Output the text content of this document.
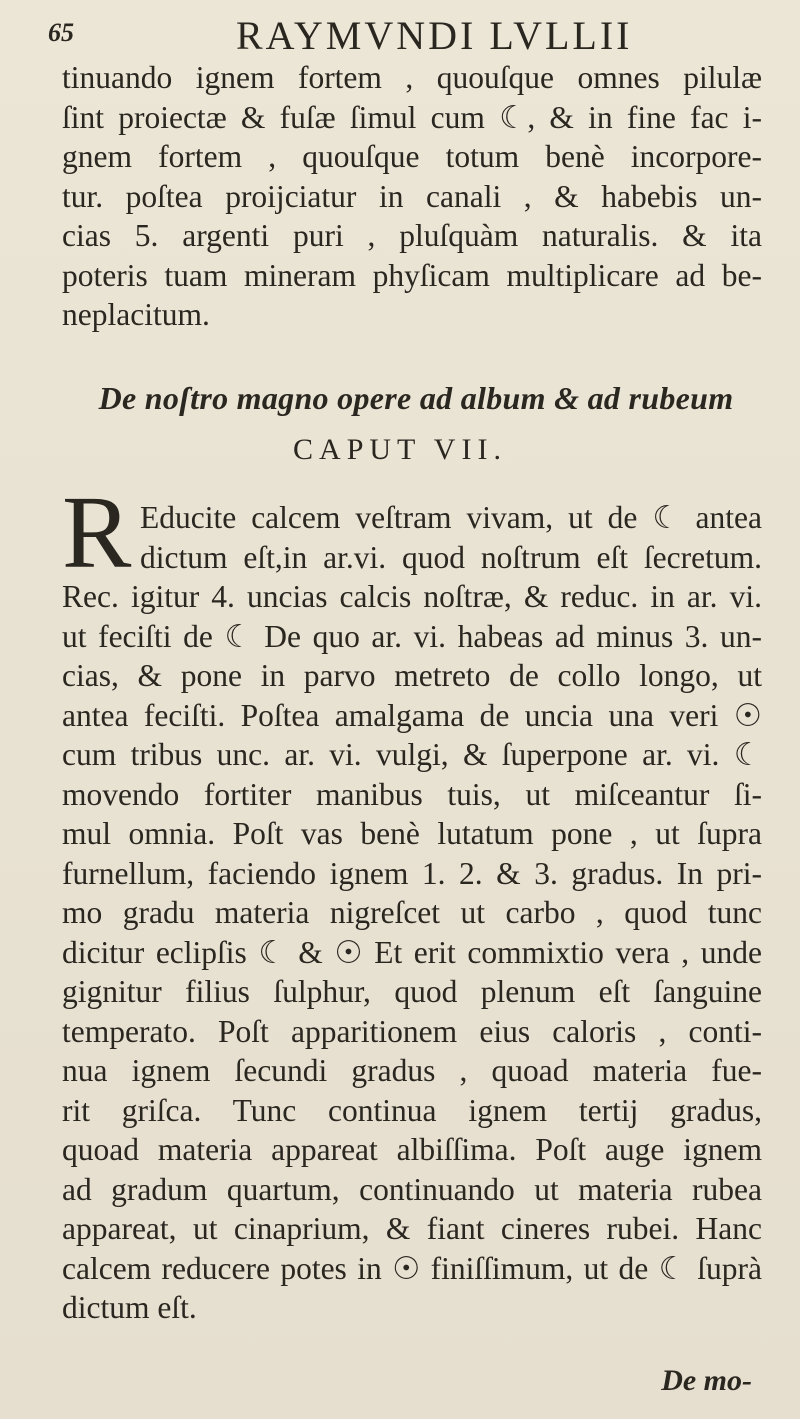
65	RAYMVNDI LVLLII
tinuando ignem fortem , quouſque omnes pilulæ
ſint proiectæ & fuſæ ſimul cum ☾, & in fine fac i-
gnem fortem , quouſque totum benè incorpore-
tur. poſtea proijciatur in canali , & habebis un-
cias 5. argenti puri , pluſquàm naturalis. & ita
poteris tuam mineram phyſicam multiplicare ad be-
neplacitum.
De noſtro magno opere ad album & ad rubeum
CAPUT VII.
R Educite calcem veſtram vivam, ut de ☾ antea
dictum eſt,in ar.vi. quod noſtrum eſt ſecretum.
Rec. igitur 4. uncias calcis noſtræ, & reduc. in ar. vi.
ut feciſti de ☾ De quo ar. vi. habeas ad minus 3. un-
cias, & pone in parvo metreto de collo longo, ut
antea feciſti. Poſtea amalgama de uncia una veri ☉
cum tribus unc. ar. vi. vulgi, & ſuperpone ar. vi. ☾
movendo fortiter manibus tuis, ut miſceantur ſi-
mul omnia. Poſt vas benè lutatum pone , ut ſupra
furnellum, faciendo ignem 1. 2. & 3. gradus. In pri-
mo gradu materia nigreſcet ut carbo , quod tunc
dicitur eclipſis ☾ & ☉ Et erit commixtio vera , unde
gignitur filius ſulphur, quod plenum eſt ſanguine
temperato. Poſt apparitionem eius caloris , conti-
nua ignem ſecundi gradus , quoad materia fue-
rit griſca. Tunc continua ignem tertij gradus,
quoad materia appareat albiſſima. Poſt auge ignem
ad gradum quartum, continuando ut materia rubea
appareat, ut cinaprium, & fiant cineres rubei. Hanc
calcem reducere potes in ☉ finiſſimum, ut de ☾ ſuprà
dictum eſt.
De mo-
